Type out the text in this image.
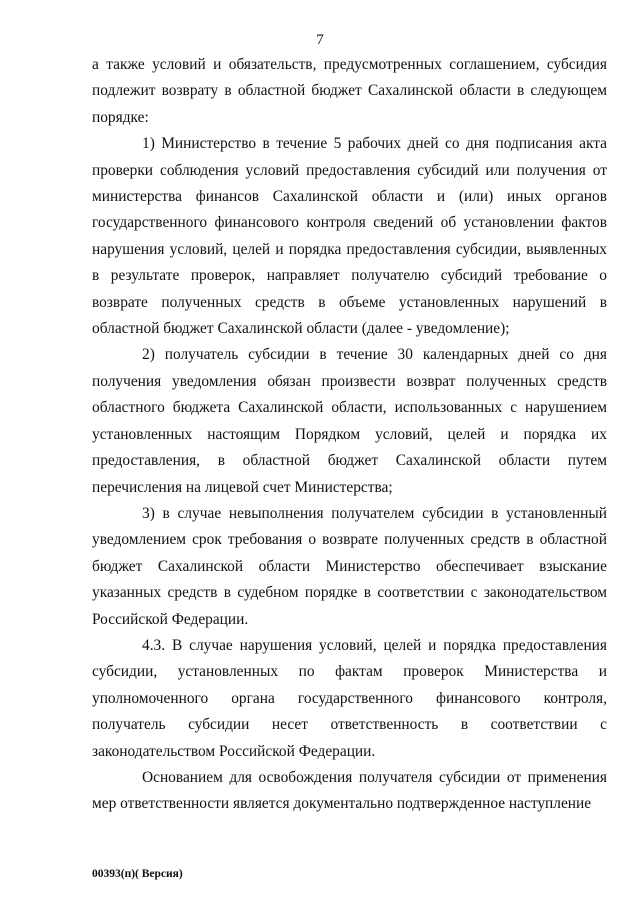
7

а также условий и обязательств, предусмотренных соглашением, субсидия подлежит возврату в областной бюджет Сахалинской области в следующем порядке:

1) Министерство в течение 5 рабочих дней со дня подписания акта проверки соблюдения условий предоставления субсидий или получения от министерства финансов Сахалинской области и (или) иных органов государственного финансового контроля сведений об установлении фактов нарушения условий, целей и порядка предоставления субсидии, выявленных в результате проверок, направляет получателю субсидий требование о возврате полученных средств в объеме установленных нарушений в областной бюджет Сахалинской области (далее - уведомление);

2) получатель субсидии в течение 30 календарных дней со дня получения уведомления обязан произвести возврат полученных средств областного бюджета Сахалинской области, использованных с нарушением установленных настоящим Порядком условий, целей и порядка их предоставления, в областной бюджет Сахалинской области путем перечисления на лицевой счет Министерства;

3) в случае невыполнения получателем субсидии в установленный уведомлением срок требования о возврате полученных средств в областной бюджет Сахалинской области Министерство обеспечивает взыскание указанных средств в судебном порядке в соответствии с законодательством Российской Федерации.

4.3. В случае нарушения условий, целей и порядка предоставления субсидии, установленных по фактам проверок Министерства и уполномоченного органа государственного финансового контроля, получатель субсидии несет ответственность в соответствии с законодательством Российской Федерации.

Основанием для освобождения получателя субсидии от применения мер ответственности является документально подтвержденное наступление

00393(п)( Версия)
